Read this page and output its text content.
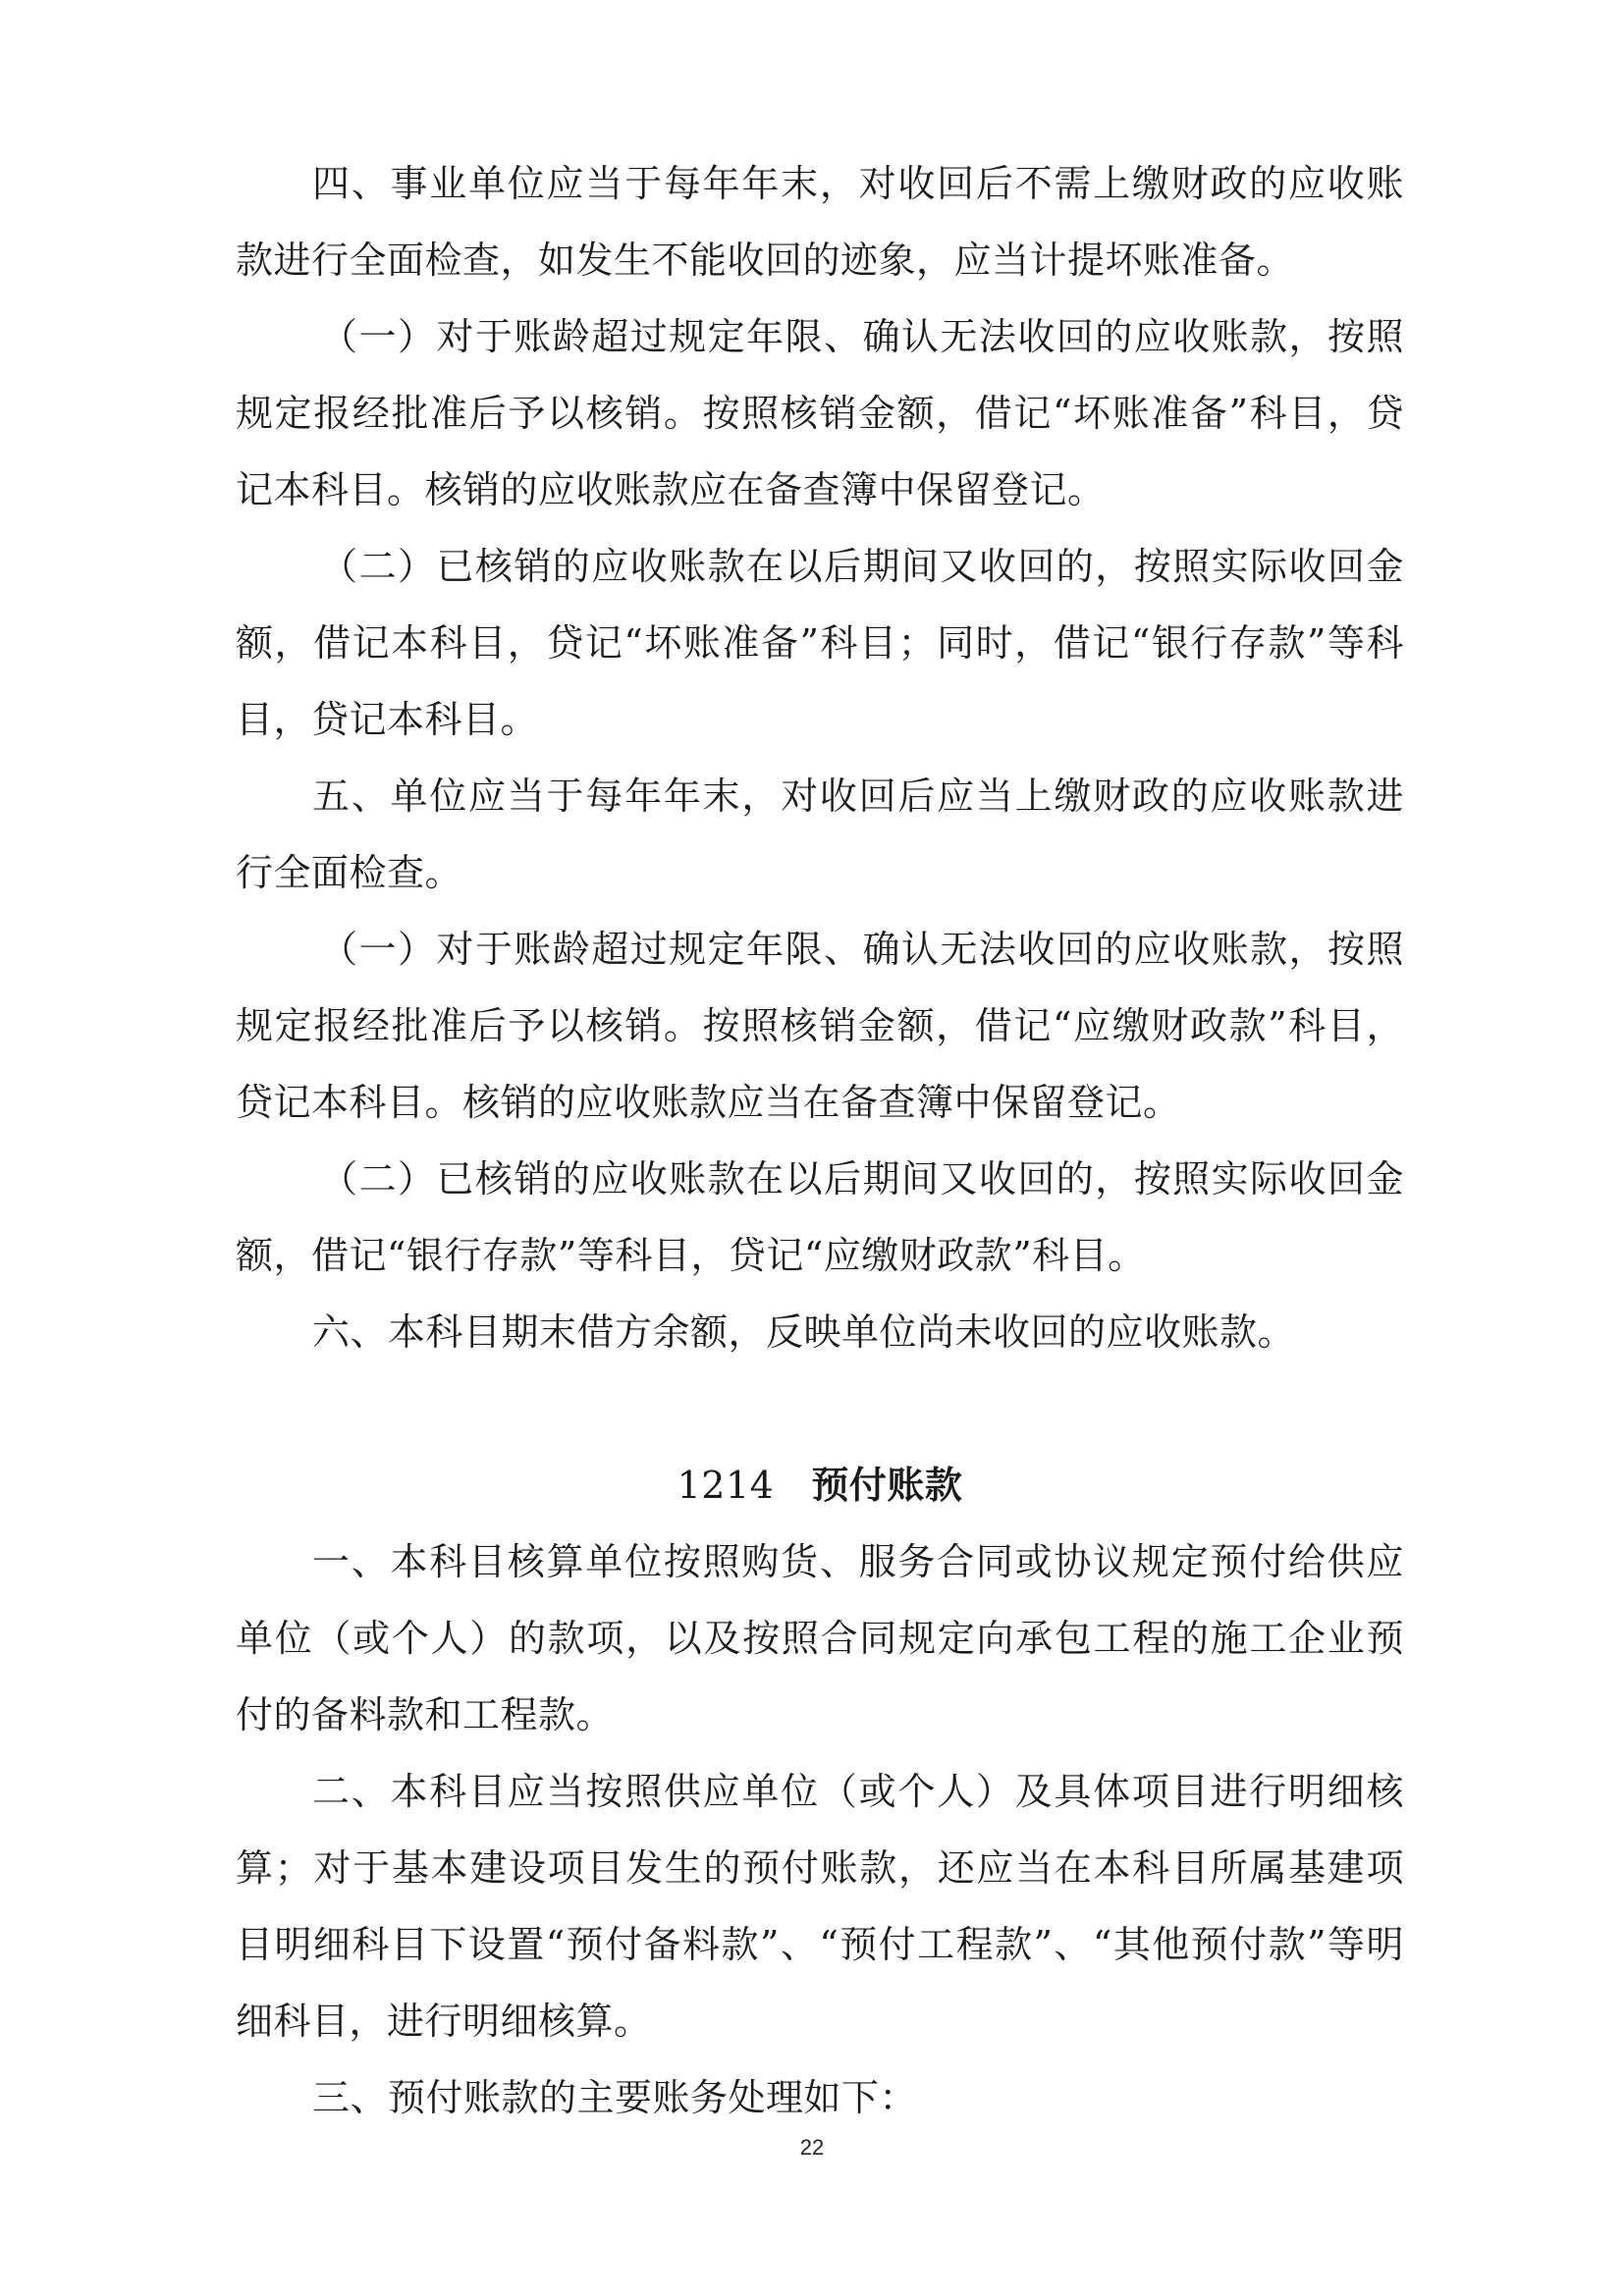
四、事业单位应当于每年年末，对收回后不需上缴财政的应收账款进行全面检查，如发生不能收回的迹象，应当计提坏账准备。

（一）对于账龄超过规定年限、确认无法收回的应收账款，按照规定报经批准后予以核销。按照核销金额，借记“坏账准备”科目，贷记本科目。核销的应收账款应在备查簿中保留登记。

（二）已核销的应收账款在以后期间又收回的，按照实际收回金额，借记本科目，贷记“坏账准备”科目；同时，借记“银行存款”等科目，贷记本科目。

五、单位应当于每年年末，对收回后应当上缴财政的应收账款进行全面检查。

（一）对于账龄超过规定年限、确认无法收回的应收账款，按照规定报经批准后予以核销。按照核销金额，借记“应缴财政款”科目，贷记本科目。核销的应收账款应当在备查簿中保留登记。

（二）已核销的应收账款在以后期间又收回的，按照实际收回金额，借记“银行存款”等科目，贷记“应缴财政款”科目。

六、本科目期末借方余额，反映单位尚未收回的应收账款。

1214 预付账款

一、本科目核算单位按照购货、服务合同或协议规定预付给供应单位（或个人）的款项，以及按照合同规定向承包工程的施工企业预付的备料款和工程款。

二、本科目应当按照供应单位（或个人）及具体项目进行明细核算；对于基本建设项目发生的预付账款，还应当在本科目所属基建项目明细科目下设置“预付备料款”、“预付工程款”、“其他预付款”等明细科目，进行明细核算。

三、预付账款的主要账务处理如下：

22
